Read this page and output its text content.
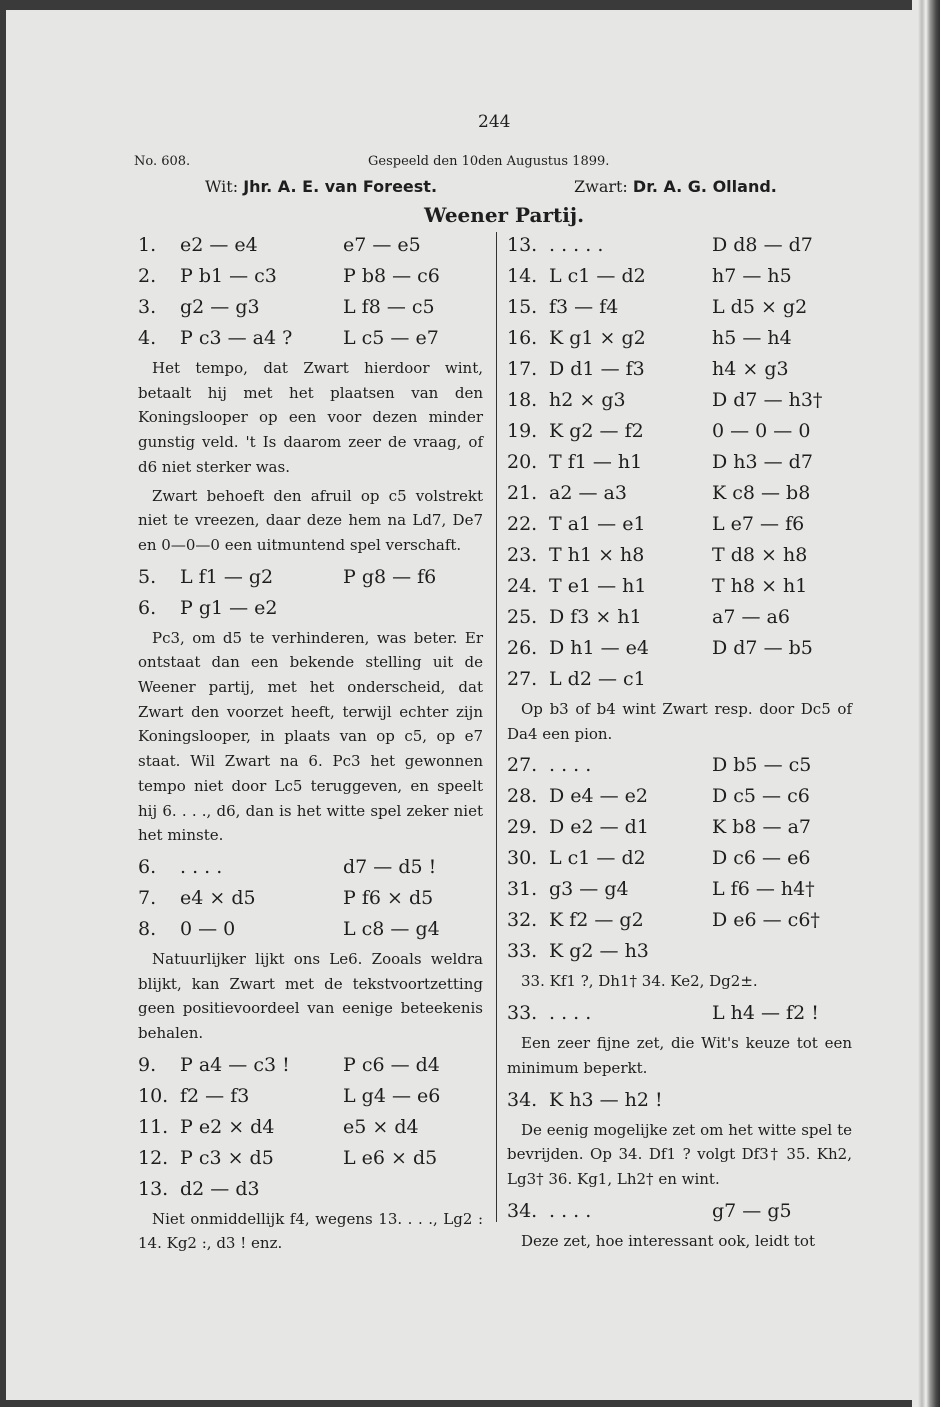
244
No. 608.	Gespeeld den 10den Augustus 1899.
Wit: Jhr. A. E. van Foreest.	Zwart: Dr. A. G. Olland.
Weener Partij.
1. e2 — e4	e7 — e5
2. P b1 — c3	P b8 — c6
3. g2 — g3	L f8 — c5
4. P c3 — a4 ?	L c5 — e7
Het tempo, dat Zwart hierdoor wint, betaalt hij met het plaatsen van den Koningslooper op een voor dezen minder gunstig veld. 't Is daarom zeer de vraag, of d6 niet sterker was.
Zwart behoeft den afruil op c5 volstrekt niet te vreezen, daar deze hem na Ld7, De7 en 0—0—0 een uitmuntend spel verschaft.
5. L f1 — g2	P g8 — f6
6. P g1 — e2
Pc3, om d5 te verhinderen, was beter. Er ontstaat dan een bekende stelling uit de Weener partij, met het onderscheid, dat Zwart den voorzet heeft, terwijl echter zijn Koningslooper, in plaats van op c5, op e7 staat. Wil Zwart na 6. Pc3 het gewonnen tempo niet door Lc5 teruggeven, en speelt hij 6. . . ., d6, dan is het witte spel zeker niet het minste.
6. . . . .	d7 — d5 !
7. e4 × d5	P f6 × d5
8. 0 — 0	L c8 — g4
Natuurlijker lijkt ons Le6. Zooals weldra blijkt, kan Zwart met de tekstvoortzetting geen positievoordeel van eenige beteekenis behalen.
9. P a4 — c3 !	P c6 — d4
10. f2 — f3	L g4 — e6
11. P e2 × d4	e5 × d4
12. P c3 × d5	L e6 × d5
13. d2 — d3
Niet onmiddellijk f4, wegens 13. . . ., Lg2 : 14. Kg2 :, d3 ! enz.
13. . . . . .	D d8 — d7
14. L c1 — d2	h7 — h5
15. f3 — f4	L d5 × g2
16. K g1 × g2	h5 — h4
17. D d1 — f3	h4 × g3
18. h2 × g3	D d7 — h3†
19. K g2 — f2	0 — 0 — 0
20. T f1 — h1	D h3 — d7
21. a2 — a3	K c8 — b8
22. T a1 — e1	L e7 — f6
23. T h1 × h8	T d8 × h8
24. T e1 — h1	T h8 × h1
25. D f3 × h1	a7 — a6
26. D h1 — e4	D d7 — b5
27. L d2 — c1
Op b3 of b4 wint Zwart resp. door Dc5 of Da4 een pion.
27. . . . .	D b5 — c5
28. D e4 — e2	D c5 — c6
29. D e2 — d1	K b8 — a7
30. L c1 — d2	D c6 — e6
31. g3 — g4	L f6 — h4†
32. K f2 — g2	D e6 — c6†
33. K g2 — h3
33. Kf1 ?, Dh1† 34. Ke2, Dg2±.
33. . . . .	L h4 — f2 !
Een zeer fijne zet, die Wit's keuze tot een minimum beperkt.
34. K h3 — h2 !
De eenig mogelijke zet om het witte spel te bevrijden. Op 34. Df1 ? volgt Df3† 35. Kh2, Lg3† 36. Kg1, Lh2† en wint.
34. . . . .	g7 — g5
Deze zet, hoe interessant ook, leidt tot
